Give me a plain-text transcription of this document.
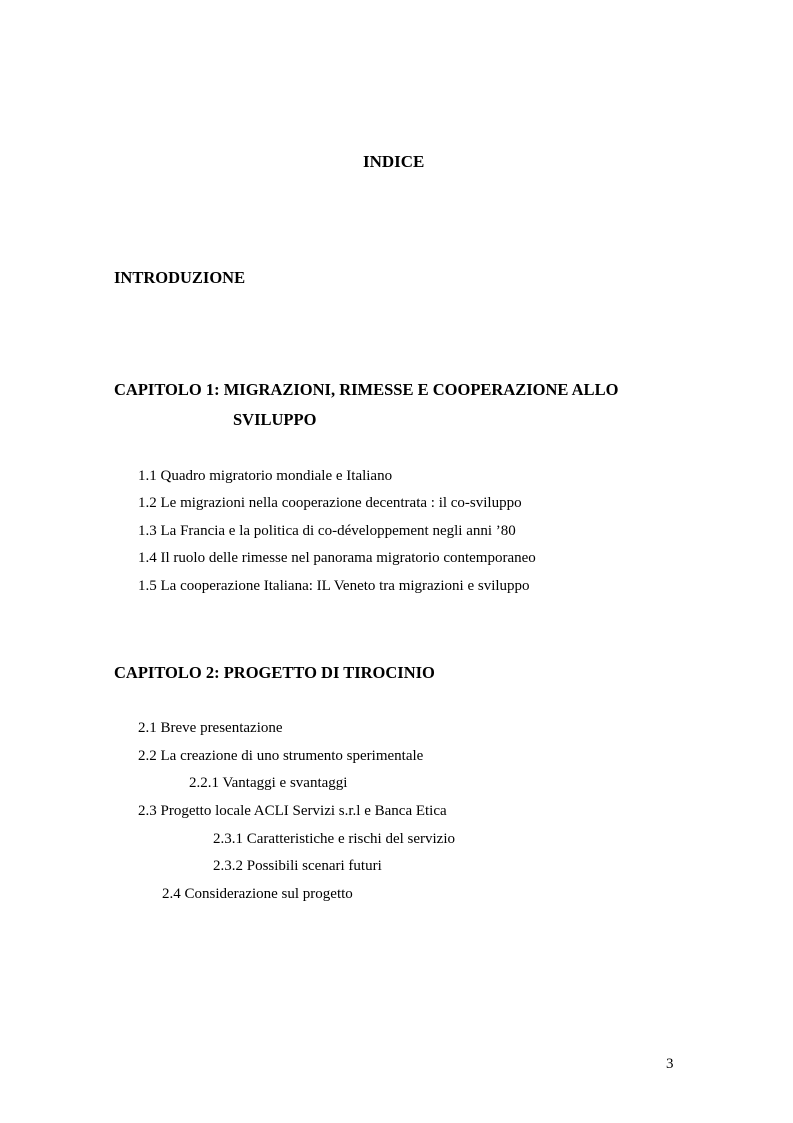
INDICE
INTRODUZIONE
CAPITOLO 1: MIGRAZIONI, RIMESSE E COOPERAZIONE ALLO
SVILUPPO
1.1 Quadro migratorio mondiale e Italiano
1.2 Le migrazioni nella cooperazione decentrata : il co-sviluppo
1.3 La Francia e la politica di co-développement negli anni ’80
1.4 Il ruolo delle rimesse nel panorama migratorio contemporaneo
1.5 La cooperazione Italiana: IL Veneto tra migrazioni e sviluppo
CAPITOLO 2: PROGETTO DI TIROCINIO
2.1 Breve presentazione
2.2 La creazione di uno strumento sperimentale
2.2.1 Vantaggi e svantaggi
2.3 Progetto locale ACLI Servizi s.r.l e Banca Etica
2.3.1 Caratteristiche e rischi del servizio
2.3.2 Possibili scenari futuri
2.4 Considerazione sul progetto
3
